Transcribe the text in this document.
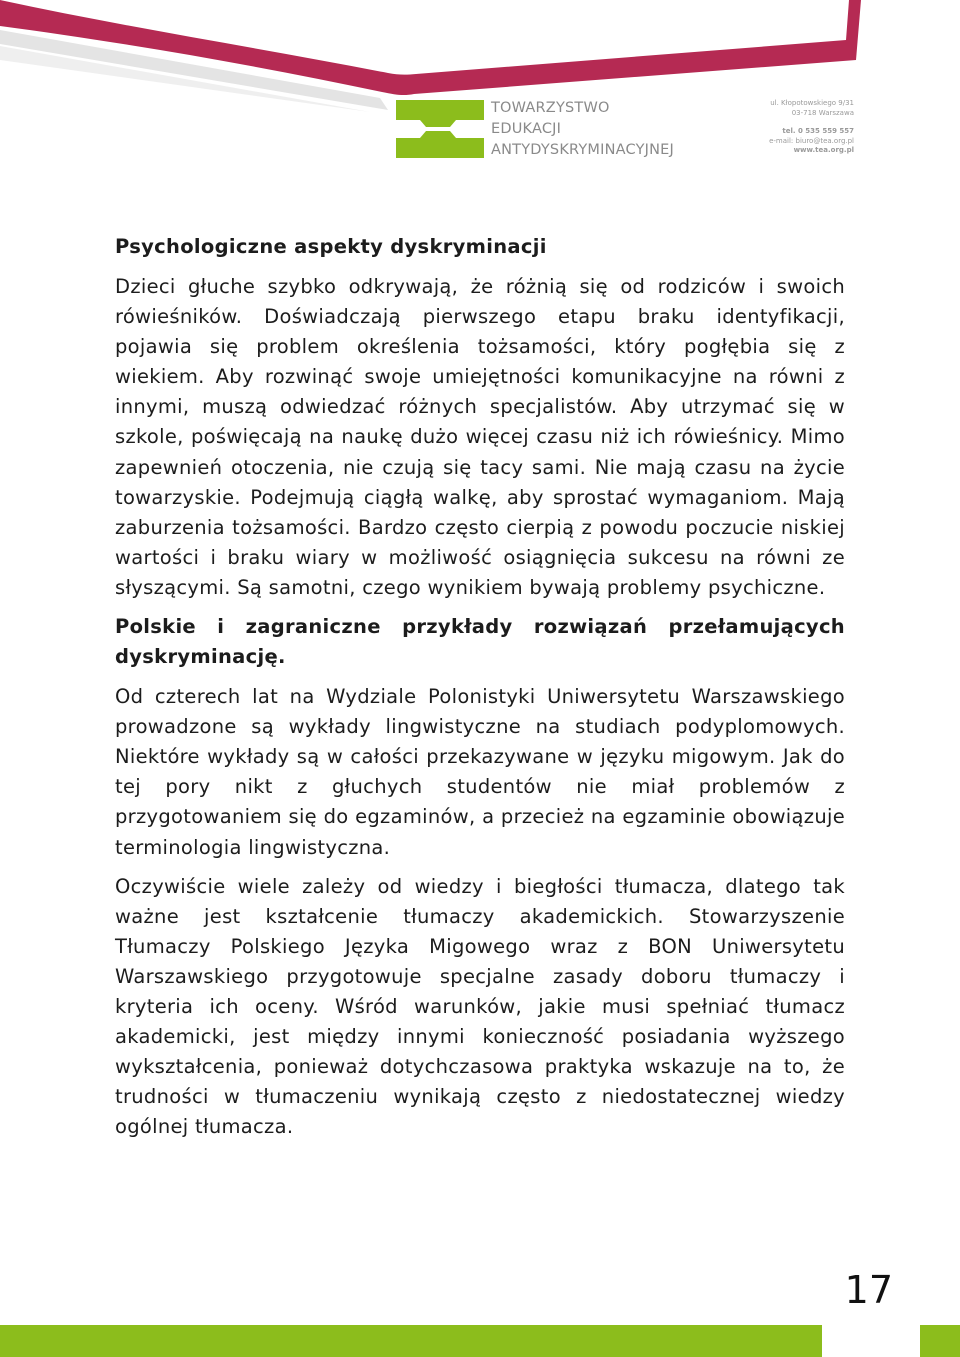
TOWARZYSTWO
EDUKACJI
ANTYDYSKRYMINACYJNEJ
ul. Kłopotowskiego 9/31
03-718 Warszawa
tel. 0 535 559 557
e-mail: biuro@tea.org.pl
www.tea.org.pl
Psychologiczne aspekty dyskryminacji

Dzieci głuche szybko odkrywają, że różnią się od rodziców i swoich rówieśników. Doświadczają pierwszego etapu braku identyfikacji, pojawia się problem określenia tożsamości, który pogłębia się z wiekiem. Aby rozwinąć swoje umiejętności komunikacyjne na równi z innymi, muszą odwiedzać różnych specjalistów. Aby utrzymać się w szkole, poświęcają na naukę dużo więcej czasu niż ich rówieśnicy. Mimo zapewnień otoczenia, nie czują się tacy sami. Nie mają czasu na życie towarzyskie. Podejmują ciągłą walkę, aby sprostać wymaganiom. Mają zaburzenia tożsamości. Bardzo często cierpią z powodu poczucie niskiej wartości i braku wiary w możliwość osiągnięcia sukcesu na równi ze słyszącymi. Są samotni, czego wynikiem bywają problemy psychiczne.

Polskie i zagraniczne przykłady rozwiązań przełamujących dyskryminację.

Od czterech lat na Wydziale Polonistyki Uniwersytetu Warszawskiego prowadzone są wykłady lingwistyczne na studiach podyplomowych. Niektóre wykłady są w całości przekazywane w języku migowym. Jak do tej pory nikt z głuchych studentów nie miał problemów z przygotowaniem się do egzaminów, a przecież na egzaminie obowiązuje terminologia lingwistyczna.

Oczywiście wiele zależy od wiedzy i biegłości tłumacza, dlatego tak ważne jest kształcenie tłumaczy akademickich. Stowarzyszenie Tłumaczy Polskiego Języka Migowego wraz z BON Uniwersytetu Warszawskiego przygotowuje specjalne zasady doboru tłumaczy i kryteria ich oceny. Wśród warunków, jakie musi spełniać tłumacz akademicki, jest między innymi konieczność posiadania wyższego wykształcenia, ponieważ dotychczasowa praktyka wskazuje na to, że trudności w tłumaczeniu wynikają często z niedostatecznej wiedzy ogólnej tłumacza.

17
